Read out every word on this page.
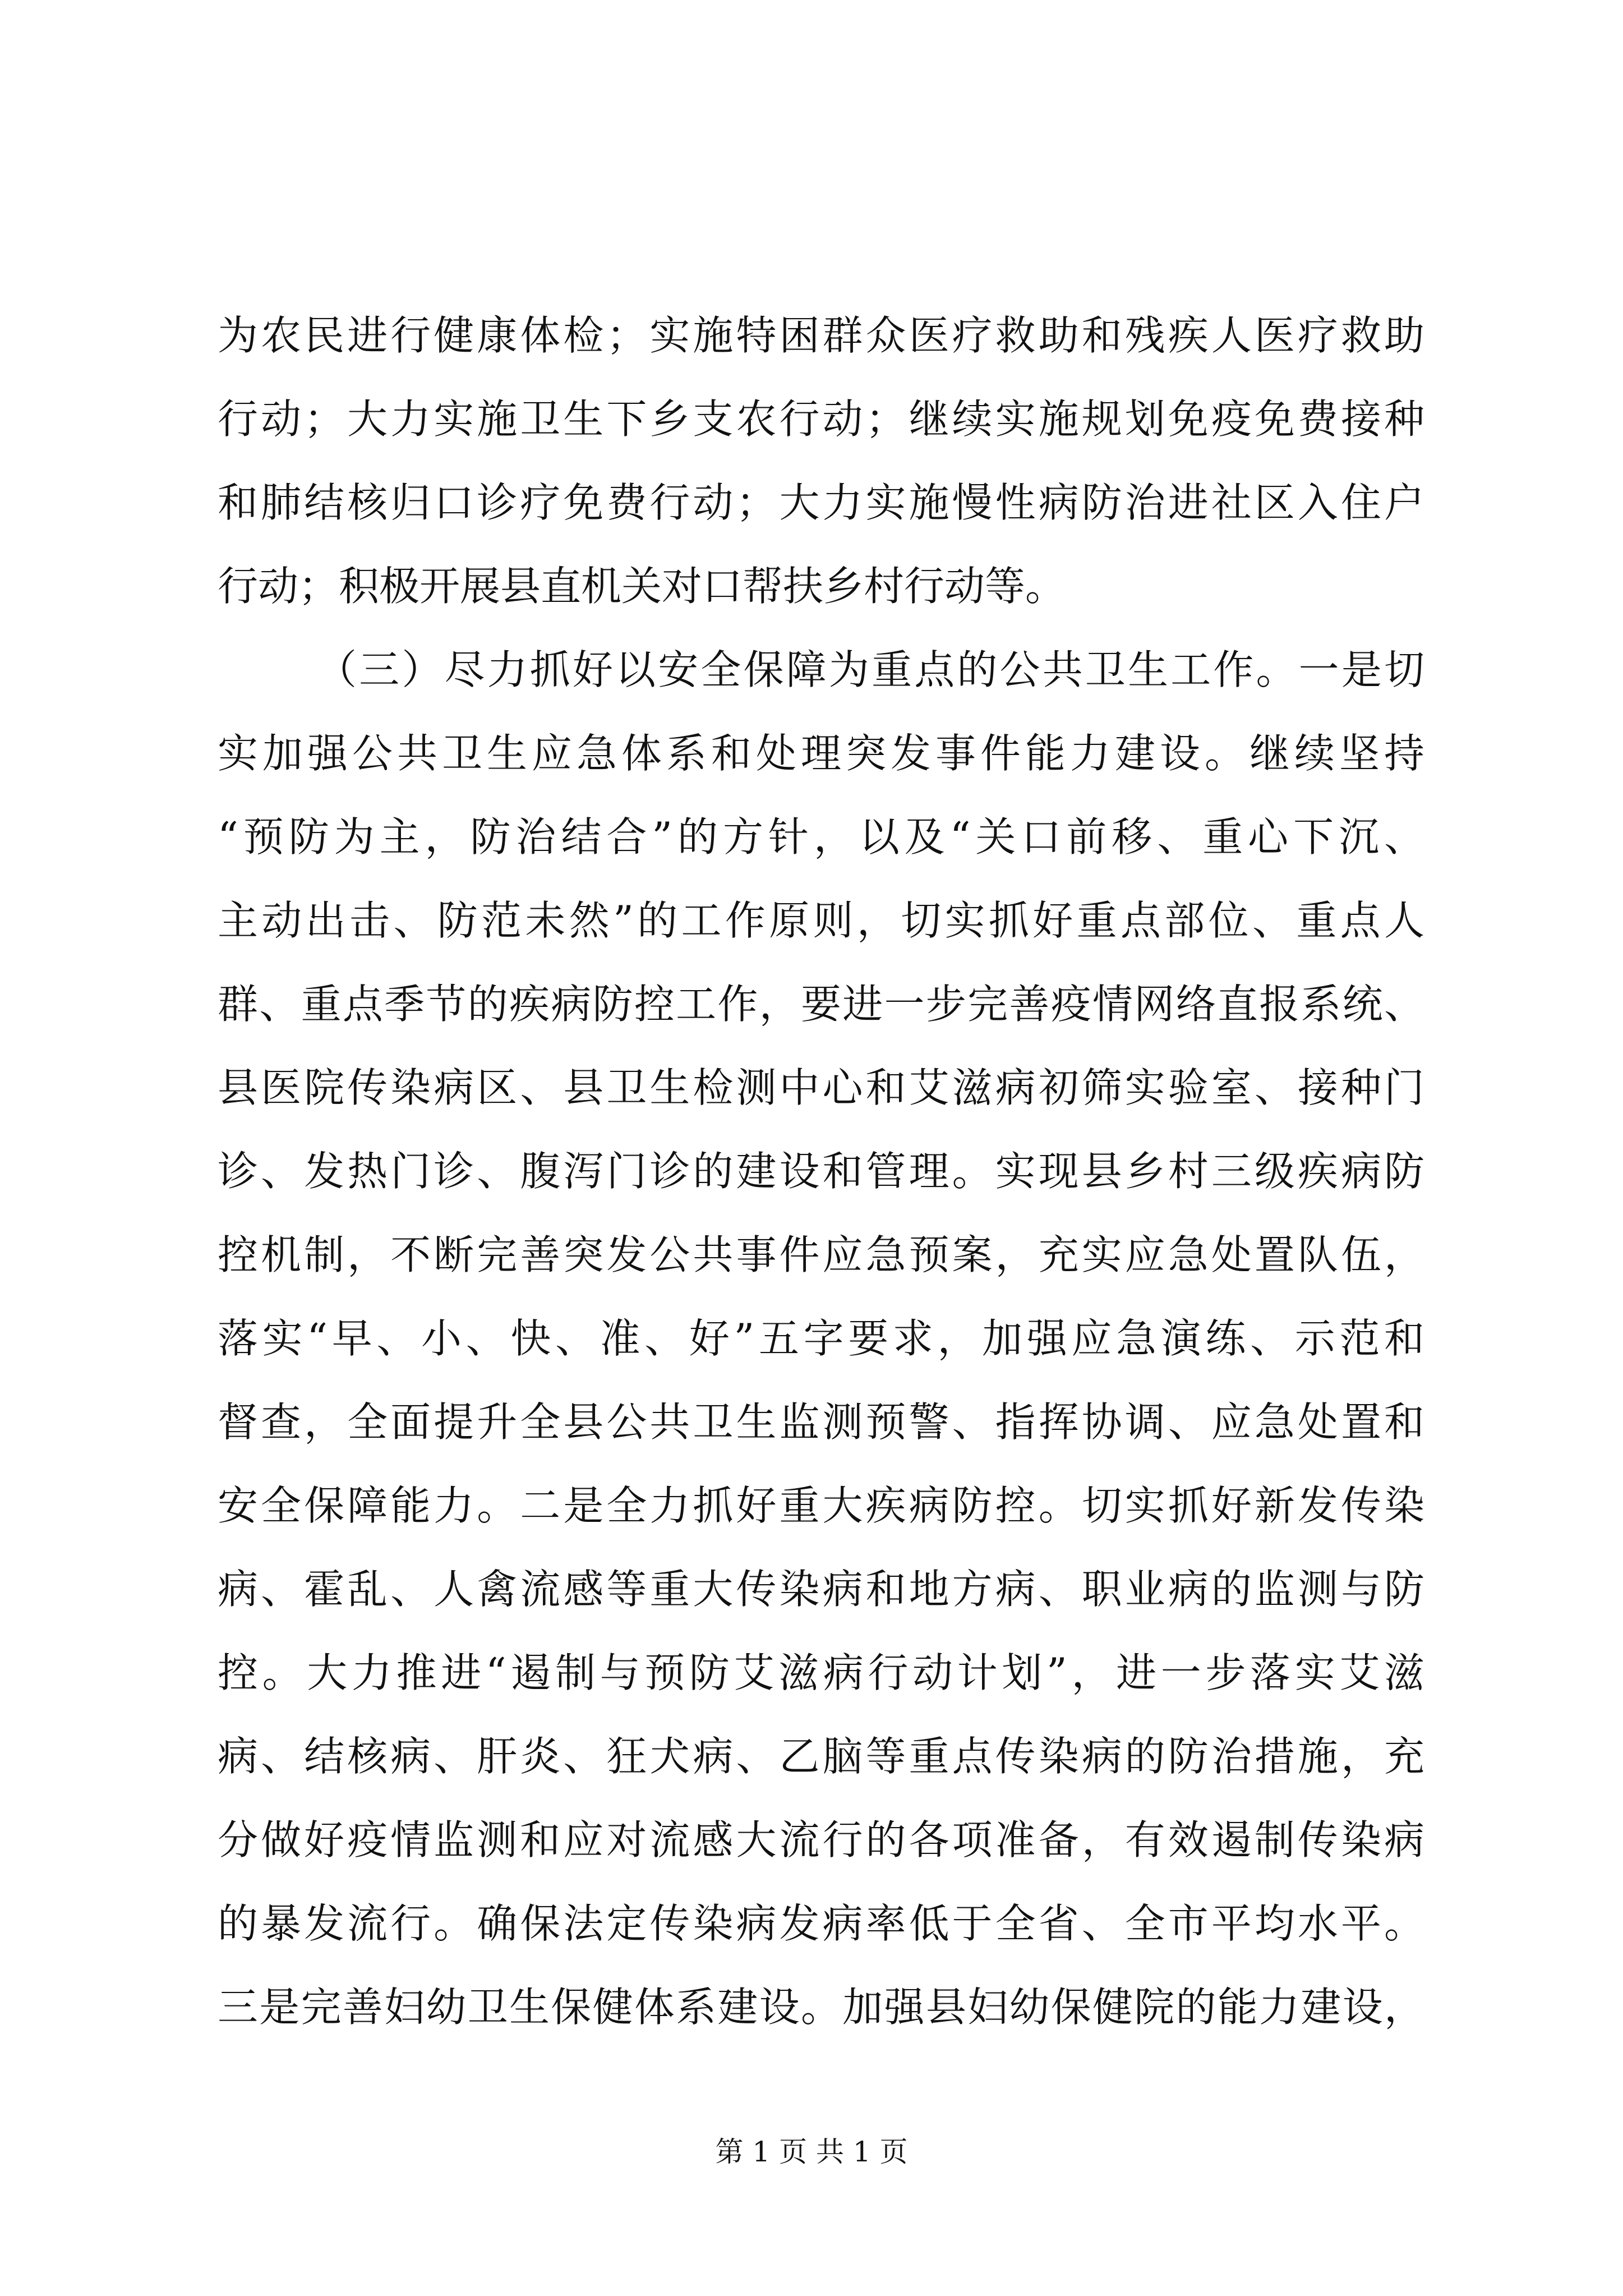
为农民进行健康体检；实施特困群众医疗救助和残疾人医疗救助
行动；大力实施卫生下乡支农行动；继续实施规划免疫免费接种
和肺结核归口诊疗免费行动；大力实施慢性病防治进社区入住户
行动；积极开展县直机关对口帮扶乡村行动等。
（三）尽力抓好以安全保障为重点的公共卫生工作。一是切
实加强公共卫生应急体系和处理突发事件能力建设。继续坚持
“预防为主，防治结合”的方针，以及“关口前移、重心下沉、
主动出击、防范未然”的工作原则，切实抓好重点部位、重点人
群、重点季节的疾病防控工作，要进一步完善疫情网络直报系统、
县医院传染病区、县卫生检测中心和艾滋病初筛实验室、接种门
诊、发热门诊、腹泻门诊的建设和管理。实现县乡村三级疾病防
控机制，不断完善突发公共事件应急预案，充实应急处置队伍，
落实“早、小、快、准、好”五字要求，加强应急演练、示范和
督查，全面提升全县公共卫生监测预警、指挥协调、应急处置和
安全保障能力。二是全力抓好重大疾病防控。切实抓好新发传染
病、霍乱、人禽流感等重大传染病和地方病、职业病的监测与防
控。大力推进“遏制与预防艾滋病行动计划”，进一步落实艾滋
病、结核病、肝炎、狂犬病、乙脑等重点传染病的防治措施，充
分做好疫情监测和应对流感大流行的各项准备，有效遏制传染病
的暴发流行。确保法定传染病发病率低于全省、全市平均水平。
三是完善妇幼卫生保健体系建设。加强县妇幼保健院的能力建设，
第 1 页 共 1 页
